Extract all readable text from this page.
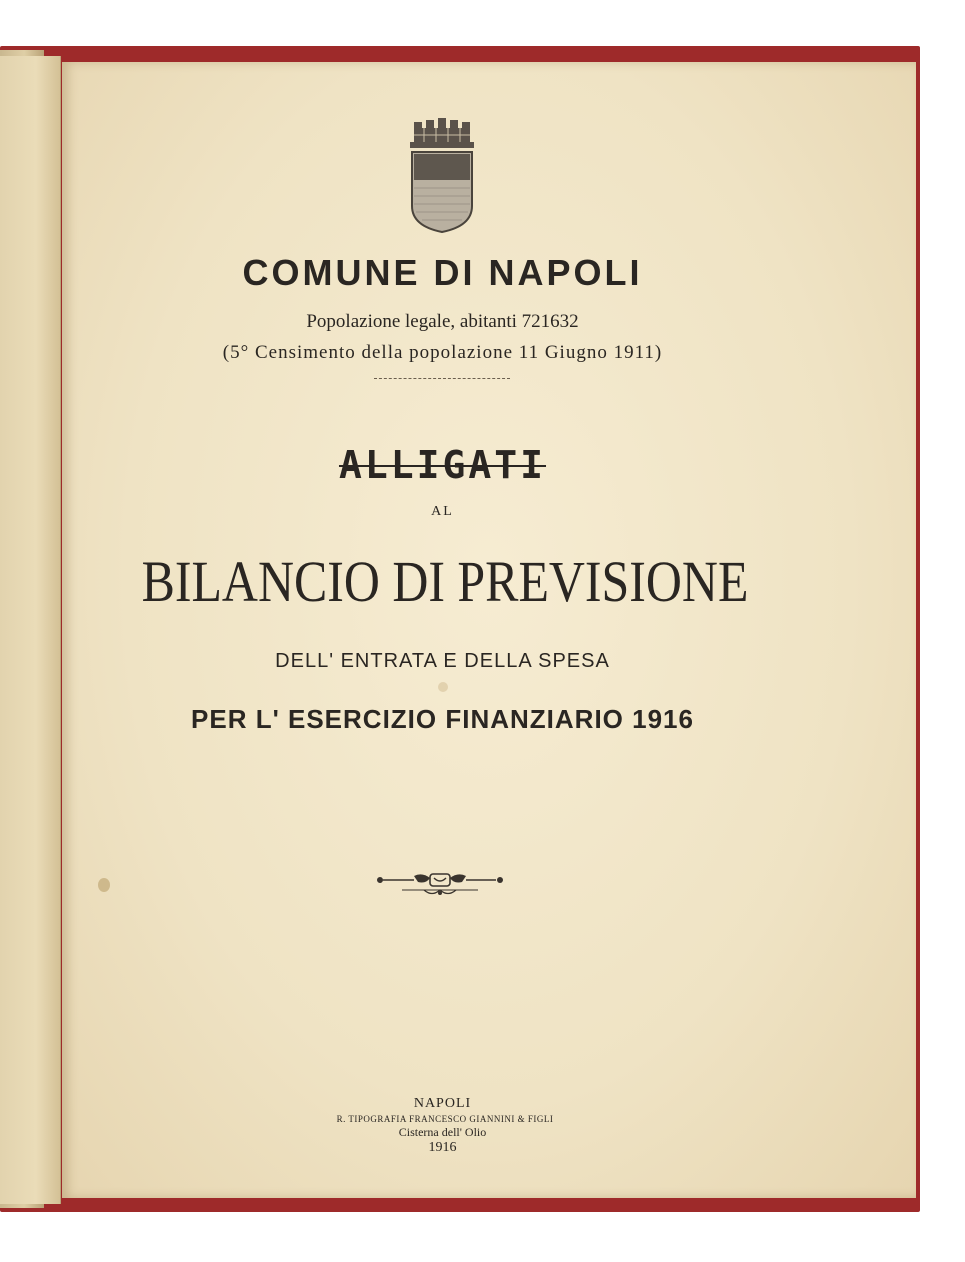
COMUNE DI NAPOLI
Popolazione legale, abitanti 721632
(5° Censimento della popolazione 11 Giugno 1911)
ALLIGATI
AL
BILANCIO DI PREVISIONE
DELL' ENTRATA E DELLA SPESA
PER L' ESERCIZIO FINANZIARIO 1916
NAPOLI
R. TIPOGRAFIA FRANCESCO GIANNINI & FIGLI
Cisterna dell' Olio
1916
